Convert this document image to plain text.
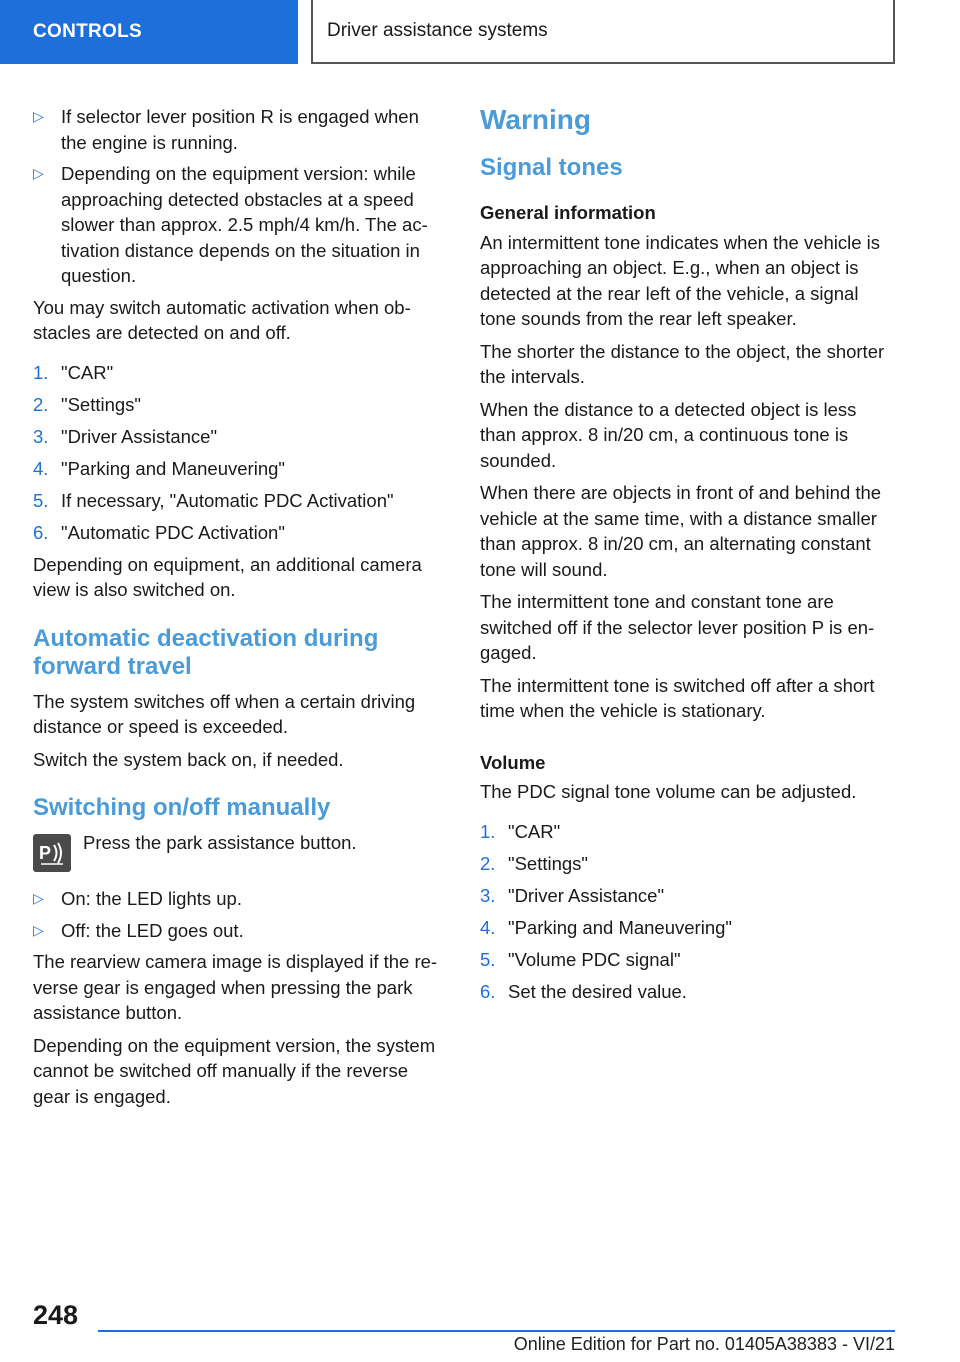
CONTROLS	Driver assistance systems
▷ If selector lever position R is engaged when the engine is running.
▷ Depending on the equipment version: while approaching detected obstacles at a speed slower than approx. 2.5 mph/4 km/h. The activation distance depends on the situation in question.

You may switch automatic activation when obstacles are detected on and off.

1. "CAR"
2. "Settings"
3. "Driver Assistance"
4. "Parking and Maneuvering"
5. If necessary, "Automatic PDC Activation"
6. "Automatic PDC Activation"

Depending on equipment, an additional camera view is also switched on.

Automatic deactivation during forward travel

The system switches off when a certain driving distance or speed is exceeded.

Switch the system back on, if needed.

Switching on/off manually
P Press the park assistance button.
▷ On: the LED lights up.
▷ Off: the LED goes out.

The rearview camera image is displayed if the reverse gear is engaged when pressing the park assistance button.

Depending on the equipment version, the system cannot be switched off manually if the reverse gear is engaged.

Warning
Signal tones
General information

An intermittent tone indicates when the vehicle is approaching an object. E.g., when an object is detected at the rear left of the vehicle, a signal tone sounds from the rear left speaker.

The shorter the distance to the object, the shorter the intervals.

When the distance to a detected object is less than approx. 8 in/20 cm, a continuous tone is sounded.

When there are objects in front of and behind the vehicle at the same time, with a distance smaller than approx. 8 in/20 cm, an alternating constant tone will sound.

The intermittent tone and constant tone are switched off if the selector lever position P is engaged.

The intermittent tone is switched off after a short time when the vehicle is stationary.

Volume

The PDC signal tone volume can be adjusted.

1. "CAR"
2. "Settings"
3. "Driver Assistance"
4. "Parking and Maneuvering"
5. "Volume PDC signal"
6. Set the desired value.
248
Online Edition for Part no. 01405A38383 - VI/21
